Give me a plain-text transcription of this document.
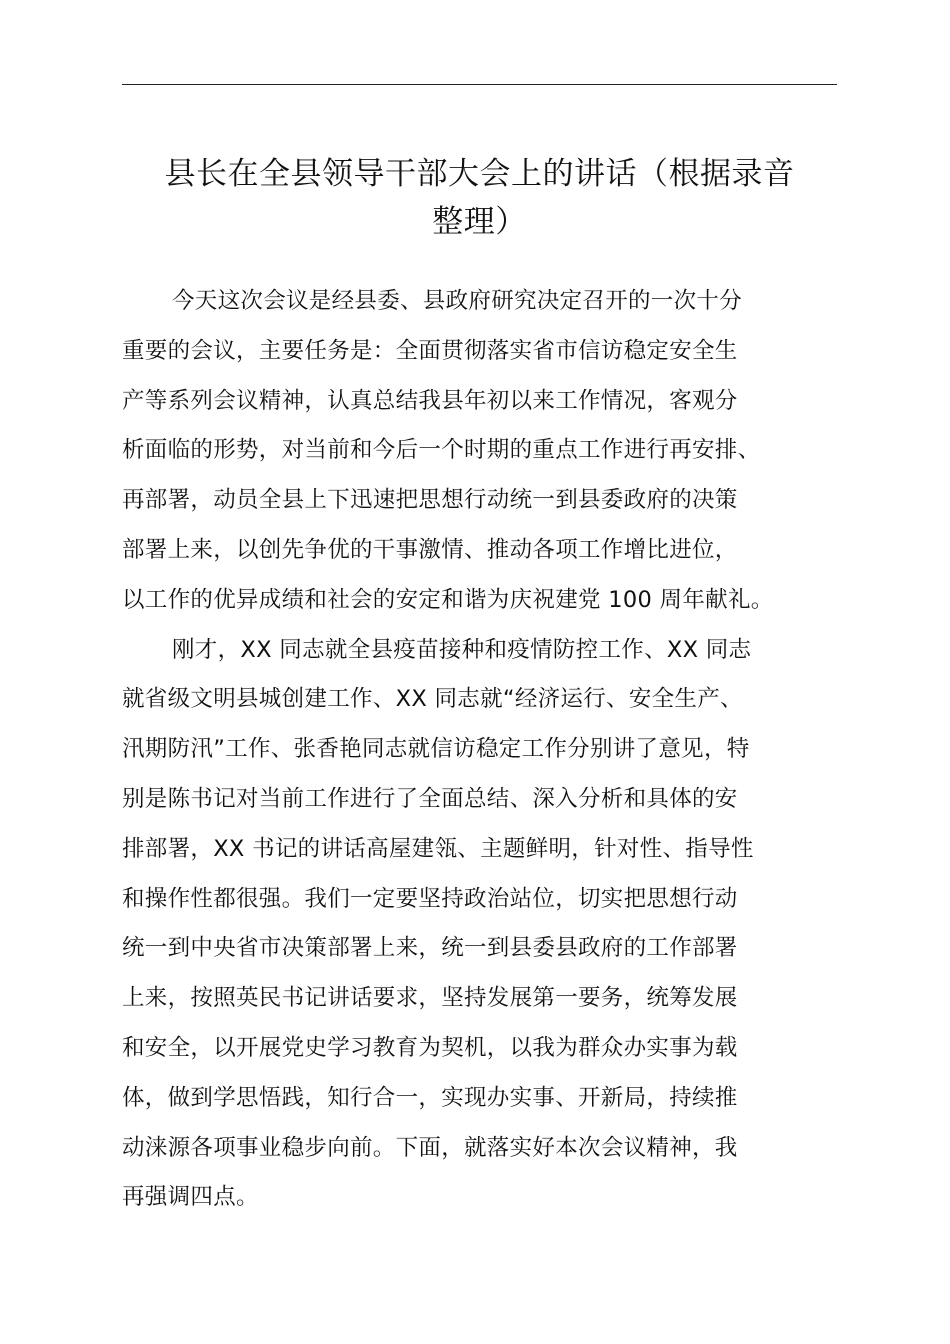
县长在全县领导干部大会上的讲话（根据录音
整理）
今天这次会议是经县委、县政府研究决定召开的一次十分
重要的会议，主要任务是：全面贯彻落实省市信访稳定安全生
产等系列会议精神，认真总结我县年初以来工作情况，客观分
析面临的形势，对当前和今后一个时期的重点工作进行再安排、
再部署，动员全县上下迅速把思想行动统一到县委政府的决策
部署上来，以创先争优的干事激情、推动各项工作增比进位，
以工作的优异成绩和社会的安定和谐为庆祝建党 100 周年献礼。
刚才，XX 同志就全县疫苗接种和疫情防控工作、XX 同志
就省级文明县城创建工作、XX 同志就“经济运行、安全生产、
汛期防汛”工作、张香艳同志就信访稳定工作分别讲了意见，特
别是陈书记对当前工作进行了全面总结、深入分析和具体的安
排部署，XX 书记的讲话高屋建瓴、主题鲜明，针对性、指导性
和操作性都很强。我们一定要坚持政治站位，切实把思想行动
统一到中央省市决策部署上来，统一到县委县政府的工作部署
上来，按照英民书记讲话要求，坚持发展第一要务，统筹发展
和安全，以开展党史学习教育为契机，以我为群众办实事为载
体，做到学思悟践，知行合一，实现办实事、开新局，持续推
动涞源各项事业稳步向前。下面，就落实好本次会议精神，我
再强调四点。
